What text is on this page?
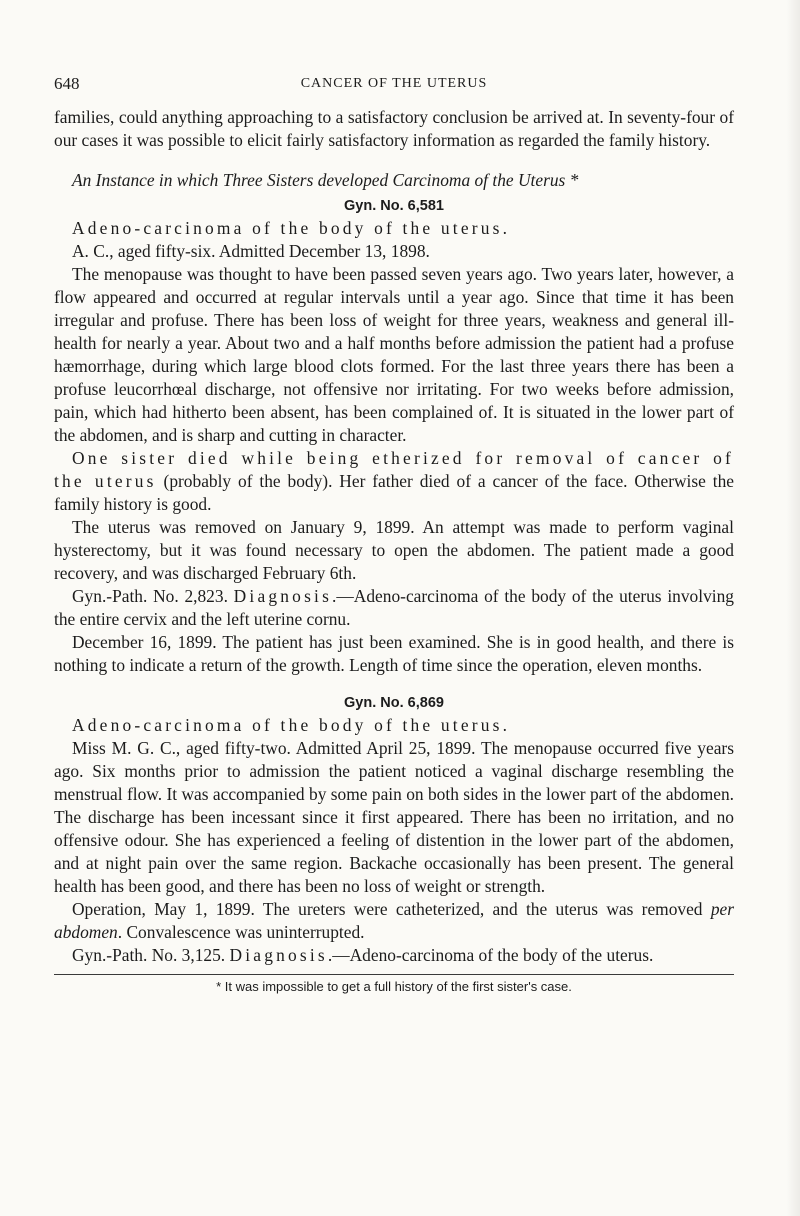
648	CANCER OF THE UTERUS

families, could anything approaching to a satisfactory conclusion be arrived at. In seventy-four of our cases it was possible to elicit fairly satisfactory information as regarded the family history.

An Instance in which Three Sisters developed Carcinoma of the Uterus *

Gyn. No. 6,581

Adeno-carcinoma of the body of the uterus.

A. C., aged fifty-six. Admitted December 13, 1898.

The menopause was thought to have been passed seven years ago. Two years later, however, a flow appeared and occurred at regular intervals until a year ago. Since that time it has been irregular and profuse. There has been loss of weight for three years, weakness and general ill-health for nearly a year. About two and a half months before admission the patient had a profuse hæmorrhage, during which large blood clots formed. For the last three years there has been a profuse leucorrhœal discharge, not offensive nor irritating. For two weeks before admission, pain, which had hitherto been absent, has been complained of. It is situated in the lower part of the abdomen, and is sharp and cutting in character.

One sister died while being etherized for removal of cancer of the uterus (probably of the body). Her father died of a cancer of the face. Otherwise the family history is good.

The uterus was removed on January 9, 1899. An attempt was made to perform vaginal hysterectomy, but it was found necessary to open the abdomen. The patient made a good recovery, and was discharged February 6th.

Gyn.-Path. No. 2,823. Diagnosis.—Adeno-carcinoma of the body of the uterus involving the entire cervix and the left uterine cornu.

December 16, 1899. The patient has just been examined. She is in good health, and there is nothing to indicate a return of the growth. Length of time since the operation, eleven months.

Gyn. No. 6,869

Adeno-carcinoma of the body of the uterus.

Miss M. G. C., aged fifty-two. Admitted April 25, 1899. The menopause occurred five years ago. Six months prior to admission the patient noticed a vaginal discharge resembling the menstrual flow. It was accompanied by some pain on both sides in the lower part of the abdomen. The discharge has been incessant since it first appeared. There has been no irritation, and no offensive odour. She has experienced a feeling of distention in the lower part of the abdomen, and at night pain over the same region. Backache occasionally has been present. The general health has been good, and there has been no loss of weight or strength.

Operation, May 1, 1899. The ureters were catheterized, and the uterus was removed per abdomen. Convalescence was uninterrupted.

Gyn.-Path. No. 3,125. Diagnosis.—Adeno-carcinoma of the body of the uterus.

* It was impossible to get a full history of the first sister's case.
